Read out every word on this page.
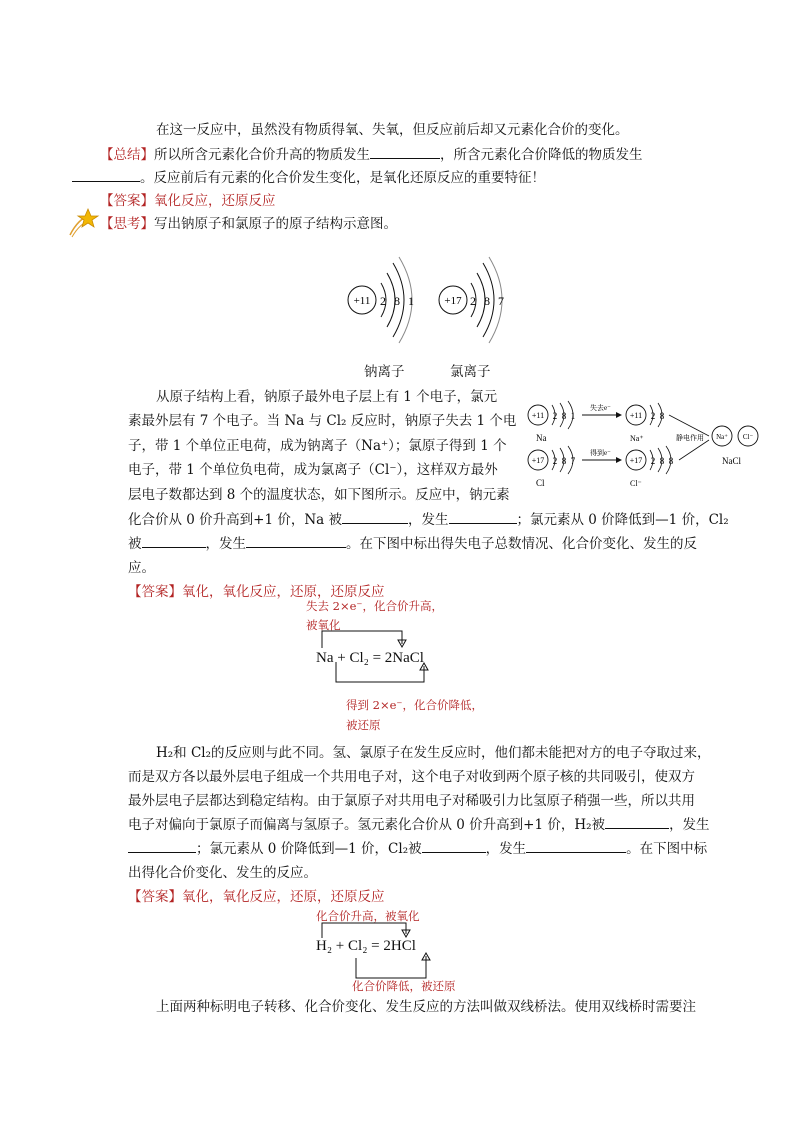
在这一反应中，虽然没有物质得氧、失氧，但反应前后却又元素化合价的变化。
【总结】所以所含元素化合价升高的物质发生	，所含元素化合价降低的物质发生
。反应前后有元素的化合价发生变化，是氧化还原反应的重要特征！
【答案】氧化反应，还原反应
【思考】写出钠原子和氯原子的原子结构示意图。
+11 2 8 1	+17 2 8 7
钠离子	氯离子
从原子结构上看，钠原子最外电子层上有 1 个电子，氯元
素最外层有 7 个电子。当 Na 与 Cl₂ 反应时，钠原子失去 1 个电
子，带 1 个单位正电荷，成为钠离子（Na⁺）；氯原子得到 1 个
电子，带 1 个单位负电荷，成为氯离子（Cl⁻），这样双方最外
层电子数都达到 8 个的温度状态，如下图所示。反应中，钠元素
化合价从 0 价升高到+1 价，Na 被	，发生	；氯元素从 0 价降低到—1 价，Cl₂
被	，发生	。在下图中标出得失电子总数情况、化合价变化、发生的反
应。
+11 2 8 1
Na
失去e⁻
+11 2 8
Na⁺
+17 2 8 7
Cl
得到e⁻
+17 2 8 8
Cl⁻
静电作用 Na⁺ Cl⁻
NaCl
【答案】氧化，氧化反应，还原，还原反应
失去 2×e⁻，化合价升高，
被氧化
Na + Cl₂ = 2NaCl
得到 2×e⁻，化合价降低，
被还原
H₂和 Cl₂的反应则与此不同。氢、氯原子在发生反应时，他们都未能把对方的电子夺取过来，
而是双方各以最外层电子组成一个共用电子对，这个电子对收到两个原子核的共同吸引，使双方
最外层电子层都达到稳定结构。由于氯原子对共用电子对稀吸引力比氢原子稍强一些，所以共用
电子对偏向于氯原子而偏离与氢原子。氢元素化合价从 0 价升高到+1 价，H₂被	，发生
；氯元素从 0 价降低到—1 价，Cl₂被	，发生	。在下图中标
出得化合价变化、发生的反应。
【答案】氧化，氧化反应，还原，还原反应
化合价升高，被氧化
H₂ + Cl₂ = 2HCl
化合价降低，被还原
上面两种标明电子转移、化合价变化、发生反应的方法叫做双线桥法。使用双线桥时需要注
